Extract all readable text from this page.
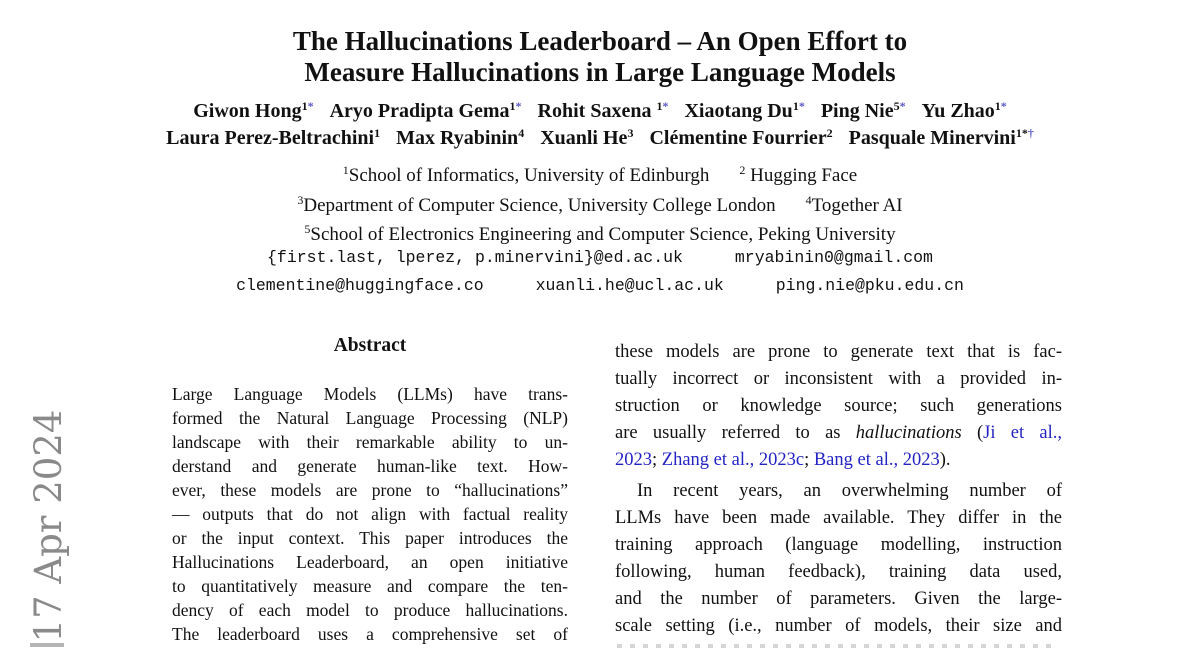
17 Apr 2024
The Hallucinations Leaderboard – An Open Effort to
Measure Hallucinations in Large Language Models
Giwon Hong$^{1*}$ Aryo Pradipta Gema$^{1*}$ Rohit Saxena $^{1*}$ Xiaotang $Du^{1*}$ Ping Nie$^{5*}$ Yu Zhao$^{1*}$
Laura Perez-Beltrachini$^1$ Max Ryabinin$^4$ Xuanli He$^3$ Clémentine Fourrier$^2$ Pasquale Minervini$^{1*\dagger}$
$^1$School of Informatics, University of Edinburgh	$^2$ Hugging Face
$^3$Department of Computer Science, University College London	$^4$Together AI
$^5$School of Electronics Engineering and Computer Science, Peking University
{first.last, lperez, p.minervini}@ed.ac.uk	mryabinin0@gmail.com
clementine@huggingface.co	xuanli.he@ucl.ac.uk	ping.nie@pku.edu.cn
Abstract
Large Language Models (LLMs) have trans-
formed the Natural Language Processing (NLP)
landscape with their remarkable ability to un-
derstand and generate human-like text. How-
ever, these models are prone to “hallucinations”
— outputs that do not align with factual reality
or the input context. This paper introduces the
Hallucinations Leaderboard, an open initiative
to quantitatively measure and compare the ten-
dency of each model to produce hallucinations.
The leaderboard uses a comprehensive set of
these models are prone to generate text that is fac-
tually incorrect or inconsistent with a provided in-
struction or knowledge source; such generations
are usually referred to as hallucinations (Ji et al.,
2023; Zhang et al., 2023c; Bang et al., 2023).
In recent years, an overwhelming number of
LLMs have been made available. They differ in the
training approach (language modelling, instruction
following, human feedback), training data used,
and the number of parameters. Given the large-
scale setting (i.e., number of models, their size and
